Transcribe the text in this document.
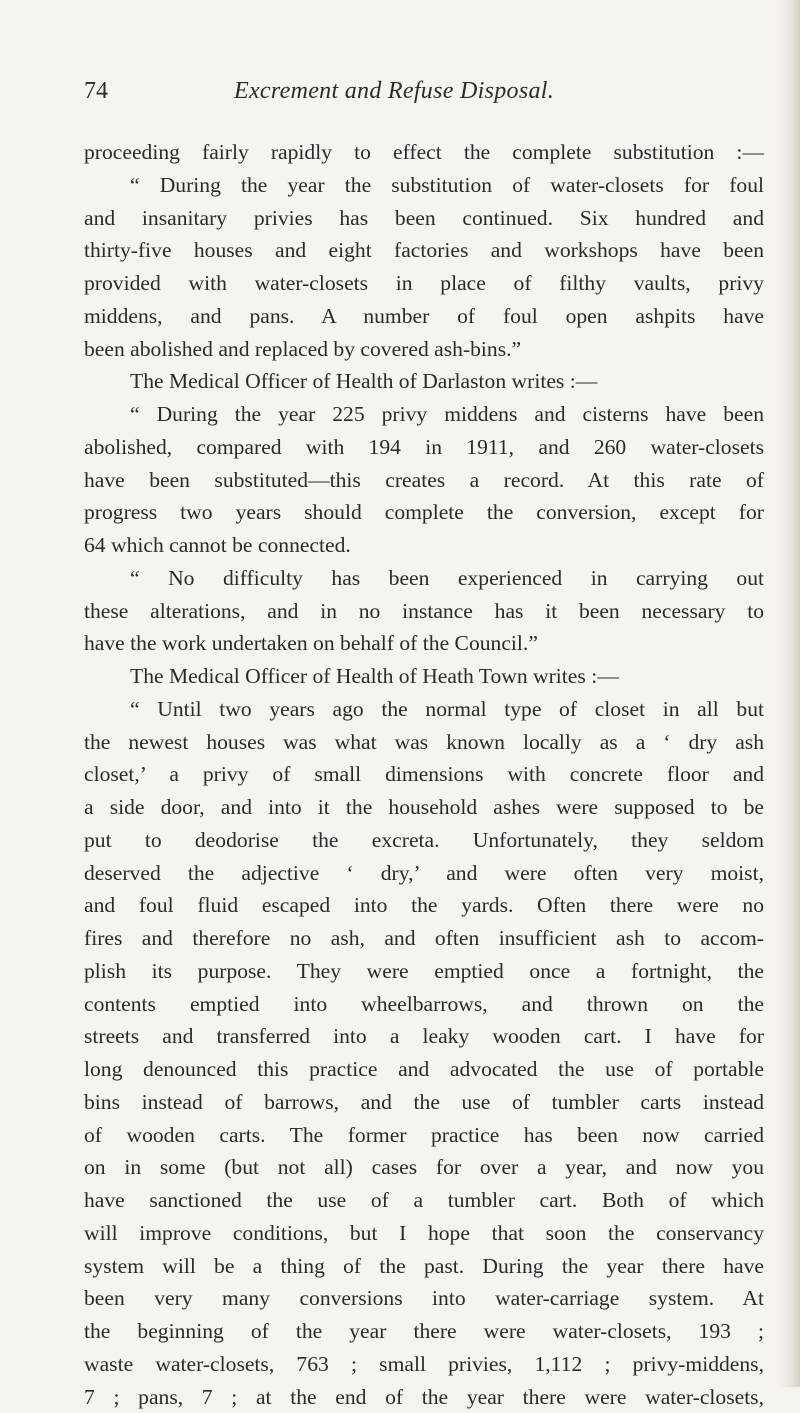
74	Excrement and Refuse Disposal.
proceeding fairly rapidly to effect the complete substitution :—
“ During the year the substitution of water-closets for foul
and insanitary privies has been continued. Six hundred and
thirty-five houses and eight factories and workshops have been
provided with water-closets in place of filthy vaults, privy
middens, and pans. A number of foul open ashpits have
been abolished and replaced by covered ash-bins.”
The Medical Officer of Health of Darlaston writes :—
“ During the year 225 privy middens and cisterns have been
abolished, compared with 194 in 1911, and 260 water-closets
have been substituted—this creates a record. At this rate of
progress two years should complete the conversion, except for
64 which cannot be connected.
“ No difficulty has been experienced in carrying out
these alterations, and in no instance has it been necessary to
have the work undertaken on behalf of the Council.”
The Medical Officer of Health of Heath Town writes :—
“ Until two years ago the normal type of closet in all but
the newest houses was what was known locally as a ‘ dry ash
closet,’ a privy of small dimensions with concrete floor and
a side door, and into it the household ashes were supposed to be
put to deodorise the excreta. Unfortunately, they seldom
deserved the adjective ‘ dry,’ and were often very moist,
and foul fluid escaped into the yards. Often there were no
fires and therefore no ash, and often insufficient ash to accom-
plish its purpose. They were emptied once a fortnight, the
contents emptied into wheelbarrows, and thrown on the
streets and transferred into a leaky wooden cart. I have for
long denounced this practice and advocated the use of portable
bins instead of barrows, and the use of tumbler carts instead
of wooden carts. The former practice has been now carried
on in some (but not all) cases for over a year, and now you
have sanctioned the use of a tumbler cart. Both of which
will improve conditions, but I hope that soon the conservancy
system will be a thing of the past. During the year there have
been very many conversions into water-carriage system. At
the beginning of the year there were water-closets, 193 ;
waste water-closets, 763 ; small privies, 1,112 ; privy-middens,
7 ; pans, 7 ; at the end of the year there were water-closets,
